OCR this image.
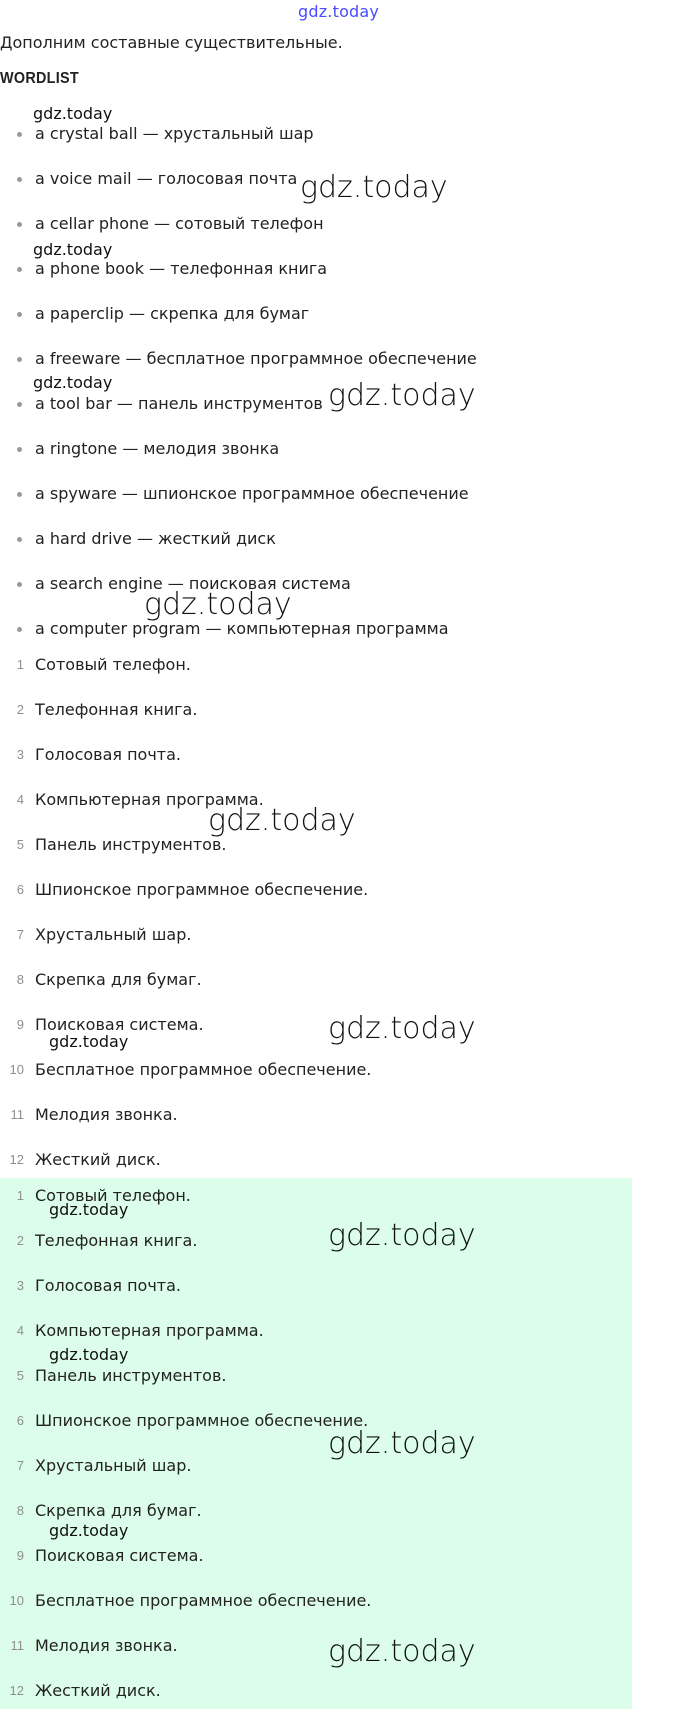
gdz.today
Дополним составные существительные.
WORDLIST
a crystal ball — хрустальный шар
a voice mail — голосовая почта
a cellar phone — сотовый телефон
a phone book — телефонная книга
a paperclip — скрепка для бумаг
a freeware — бесплатное программное обеспечение
a tool bar — панель инструментов
a ringtone — мелодия звонка
a spyware — шпионское программное обеспечение
a hard drive — жесткий диск
a search engine — поисковая система
a computer program — компьютерная программа
1 Сотовый телефон.
2 Телефонная книга.
3 Голосовая почта.
4 Компьютерная программа.
5 Панель инструментов.
6 Шпионское программное обеспечение.
7 Хрустальный шар.
8 Скрепка для бумаг.
9 Поисковая система.
10 Бесплатное программное обеспечение.
11 Мелодия звонка.
12 Жесткий диск.
1 Сотовый телефон.
2 Телефонная книга.
3 Голосовая почта.
4 Компьютерная программа.
5 Панель инструментов.
6 Шпионское программное обеспечение.
7 Хрустальный шар.
8 Скрепка для бумаг.
9 Поисковая система.
10 Бесплатное программное обеспечение.
11 Мелодия звонка.
12 Жесткий диск.
gdz.today
gdz.today
gdz.today
gdz.today	gdz.today
gdz.today
gdz.today
gdz.today
gdz.today
gdz.today
gdz.today
gdz.today
gdz.today
gdz.today
gdz.today
